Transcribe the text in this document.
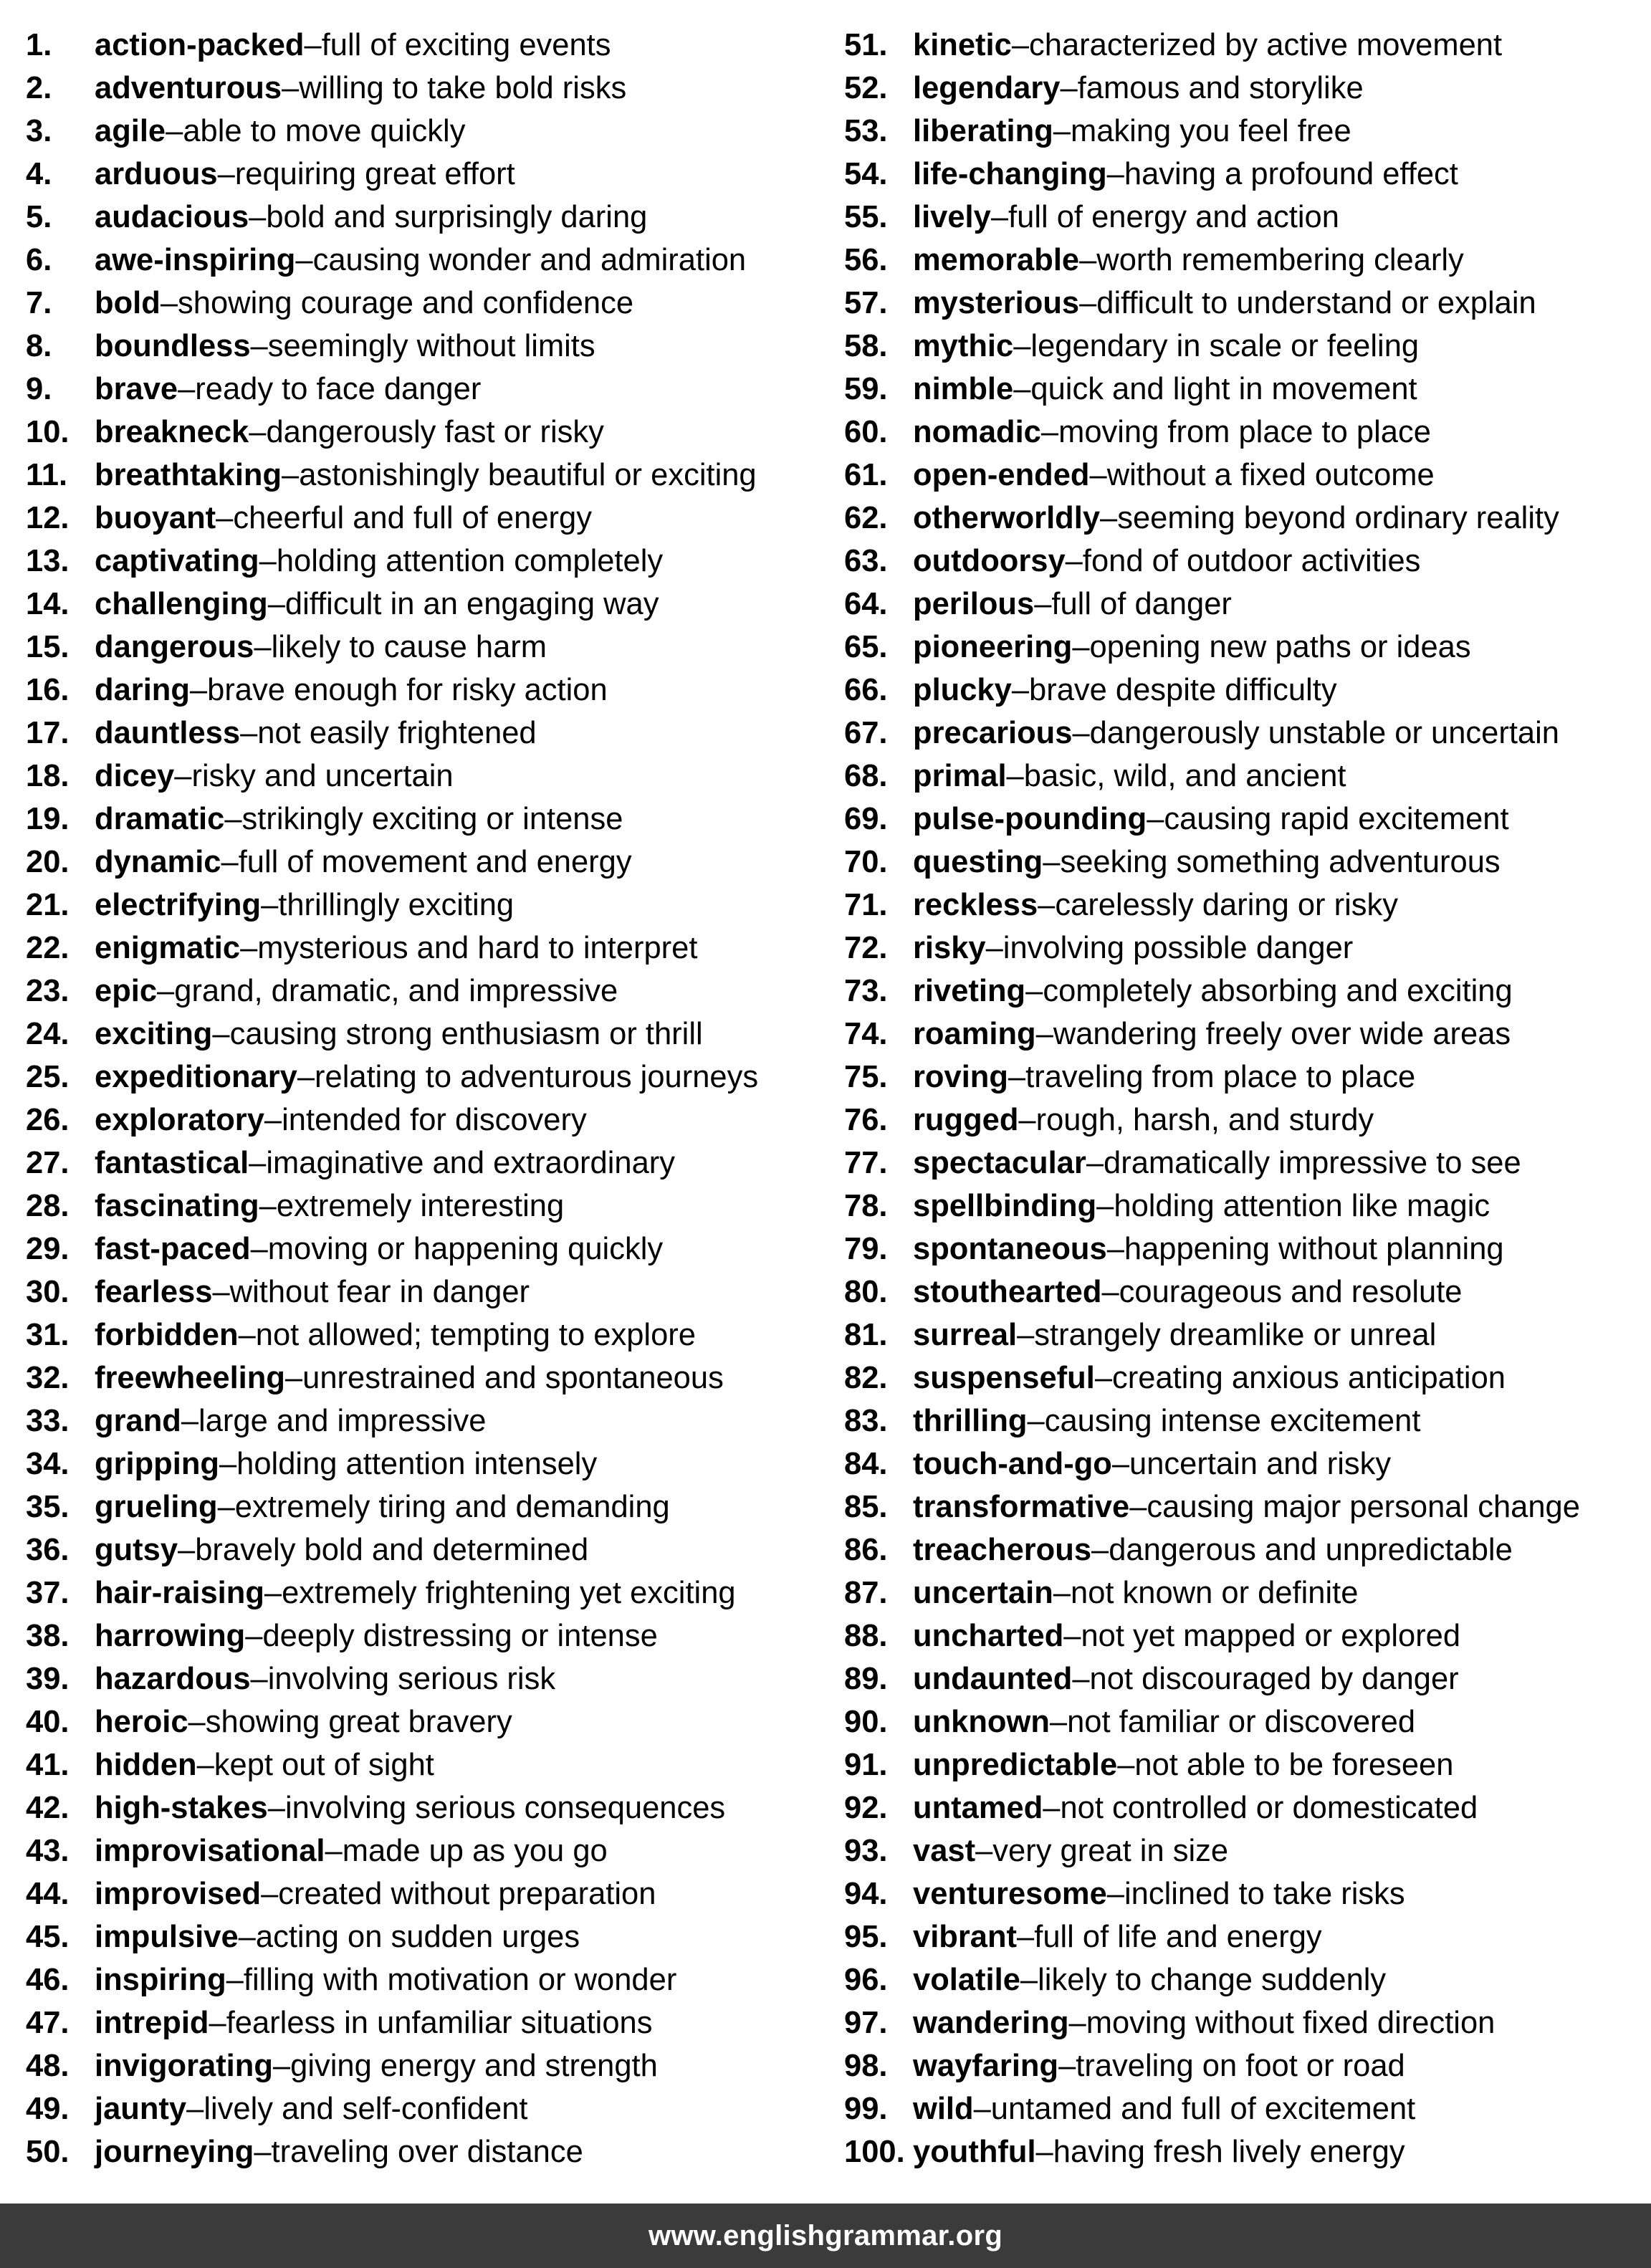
1.	action-packed – full of exciting events
2.	adventurous – willing to take bold risks
3.	agile – able to move quickly
4.	arduous – requiring great effort
5.	audacious – bold and surprisingly daring
6.	awe-inspiring – causing wonder and admiration
7.	bold – showing courage and confidence
8.	boundless – seemingly without limits
9.	brave – ready to face danger
10. breakneck – dangerously fast or risky
11. breathtaking – astonishingly beautiful or exciting
12. buoyant – cheerful and full of energy
13. captivating – holding attention completely
14. challenging – difficult in an engaging way
15. dangerous – likely to cause harm
16. daring – brave enough for risky action
17. dauntless – not easily frightened
18. dicey – risky and uncertain
19. dramatic – strikingly exciting or intense
20. dynamic – full of movement and energy
21. electrifying – thrillingly exciting
22. enigmatic – mysterious and hard to interpret
23. epic – grand, dramatic, and impressive
24. exciting – causing strong enthusiasm or thrill
25. expeditionary – relating to adventurous journeys
26. exploratory – intended for discovery
27. fantastical – imaginative and extraordinary
28. fascinating – extremely interesting
29. fast-paced – moving or happening quickly
30. fearless – without fear in danger
31. forbidden – not allowed; tempting to explore
32. freewheeling – unrestrained and spontaneous
33. grand – large and impressive
34. gripping – holding attention intensely
35. grueling – extremely tiring and demanding
36. gutsy – bravely bold and determined
37. hair-raising – extremely frightening yet exciting
38. harrowing – deeply distressing or intense
39. hazardous – involving serious risk
40. heroic – showing great bravery
41. hidden – kept out of sight
42. high-stakes – involving serious consequences
43. improvisational – made up as you go
44. improvised – created without preparation
45. impulsive – acting on sudden urges
46. inspiring – filling with motivation or wonder
47. intrepid – fearless in unfamiliar situations
48. invigorating – giving energy and strength
49. jaunty – lively and self-confident
50. journeying – traveling over distance
51. kinetic – characterized by active movement
52. legendary – famous and storylike
53. liberating – making you feel free
54. life-changing – having a profound effect
55. lively – full of energy and action
56. memorable – worth remembering clearly
57. mysterious – difficult to understand or explain
58. mythic – legendary in scale or feeling
59. nimble – quick and light in movement
60. nomadic – moving from place to place
61. open-ended – without a fixed outcome
62. otherworldly – seeming beyond ordinary reality
63. outdoorsy – fond of outdoor activities
64. perilous – full of danger
65. pioneering – opening new paths or ideas
66. plucky – brave despite difficulty
67. precarious – dangerously unstable or uncertain
68. primal – basic, wild, and ancient
69. pulse-pounding – causing rapid excitement
70. questing – seeking something adventurous
71. reckless – carelessly daring or risky
72. risky – involving possible danger
73. riveting – completely absorbing and exciting
74. roaming – wandering freely over wide areas
75. roving – traveling from place to place
76. rugged – rough, harsh, and sturdy
77. spectacular – dramatically impressive to see
78. spellbinding – holding attention like magic
79. spontaneous – happening without planning
80. stouthearted – courageous and resolute
81. surreal – strangely dreamlike or unreal
82. suspenseful – creating anxious anticipation
83. thrilling – causing intense excitement
84. touch-and-go – uncertain and risky
85. transformative – causing major personal change
86. treacherous – dangerous and unpredictable
87. uncertain – not known or definite
88. uncharted – not yet mapped or explored
89. undaunted – not discouraged by danger
90. unknown – not familiar or discovered
91. unpredictable – not able to be foreseen
92. untamed – not controlled or domesticated
93. vast – very great in size
94. venturesome – inclined to take risks
95. vibrant – full of life and energy
96. volatile – likely to change suddenly
97. wandering – moving without fixed direction
98. wayfaring – traveling on foot or road
99. wild – untamed and full of excitement
100. youthful – having fresh lively energy
www.englishgrammar.org
